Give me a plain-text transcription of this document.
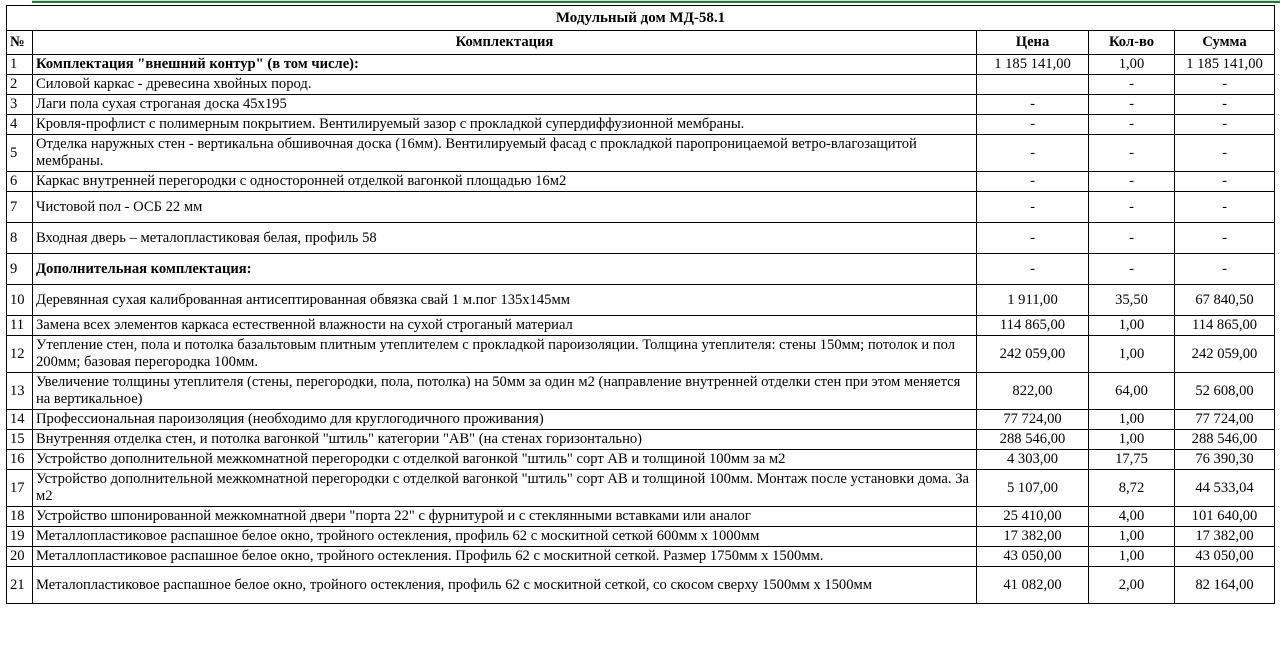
Модульный дом МД-58.1				
№	Комплектация	Цена	Кол-во	Сумма
1	Комплектация "внешний контур" (в том числе):	1 185 141,00	1,00	1 185 141,00
2	Силовой каркас - древесина хвойных пород.		-	-
3	Лаги пола сухая строганая доска 45х195	-	-	-
4	Кровля-профлист с полимерным покрытием. Вентилируемый зазор с прокладкой супердиффузионной мембраны.	-	-	-
5	Отделка наружных стен - вертикальна обшивочная доска (16мм). Вентилируемый фасад с прокладкой паропроницаемой ветро-влагозащитой мембраны.	-	-	-
6	Каркас внутренней перегородки с односторонней отделкой вагонкой площадью 16м2	-	-	-
7	Чистовой пол - ОСБ 22 мм	-	-	-
8	Входная дверь – металопластиковая белая, профиль 58	-	-	-
9	Дополнительная комплектация:	-	-	-
10	Деревянная сухая калиброванная антисептированная обвязка свай 1 м.пог 135х145мм	1 911,00	35,50	67 840,50
11	Замена всех элементов каркаса естественной влажности на сухой строганый материал	114 865,00	1,00	114 865,00
12	Утепление стен, пола и потолка базальтовым плитным утеплителем с прокладкой пароизоляции. Толщина утеплителя: стены 150мм; потолок и пол 200мм; базовая перегородка 100мм.	242 059,00	1,00	242 059,00
13	Увеличение толщины утеплителя (стены, перегородки, пола, потолка) на 50мм за один м2 (направление внутренней отделки стен при этом меняется на вертикальное)	822,00	64,00	52 608,00
14	Профессиональная пароизоляция (необходимо для круглогодичного проживания)	77 724,00	1,00	77 724,00
15	Внутренняя отделка стен, и потолка вагонкой "штиль" категории "АВ" (на стенах горизонтально)	288 546,00	1,00	288 546,00
16	Устройство дополнительной межкомнатной перегородки с отделкой вагонкой "штиль" сорт АВ и толщиной 100мм за м2	4 303,00	17,75	76 390,30
17	Устройство дополнительной межкомнатной перегородки с отделкой вагонкой "штиль" сорт АВ и толщиной 100мм. Монтаж после установки дома. За м2	5 107,00	8,72	44 533,04
18	Устройство шпонированной межкомнатной двери "порта 22" с фурнитурой и с стеклянными вставками или аналог	25 410,00	4,00	101 640,00
19	Металлопластиковое распашное белое окно, тройного остекления, профиль 62 с москитной сеткой 600мм х 1000мм	17 382,00	1,00	17 382,00
20	Металлопластиковое распашное белое окно, тройного остекления. Профиль 62 с москитной сеткой. Размер 1750мм х 1500мм.	43 050,00	1,00	43 050,00
21	Металопластиковое распашное белое окно, тройного остекления, профиль 62 с москитной сеткой, со скосом сверху 1500мм х 1500мм	41 082,00	2,00	82 164,00
